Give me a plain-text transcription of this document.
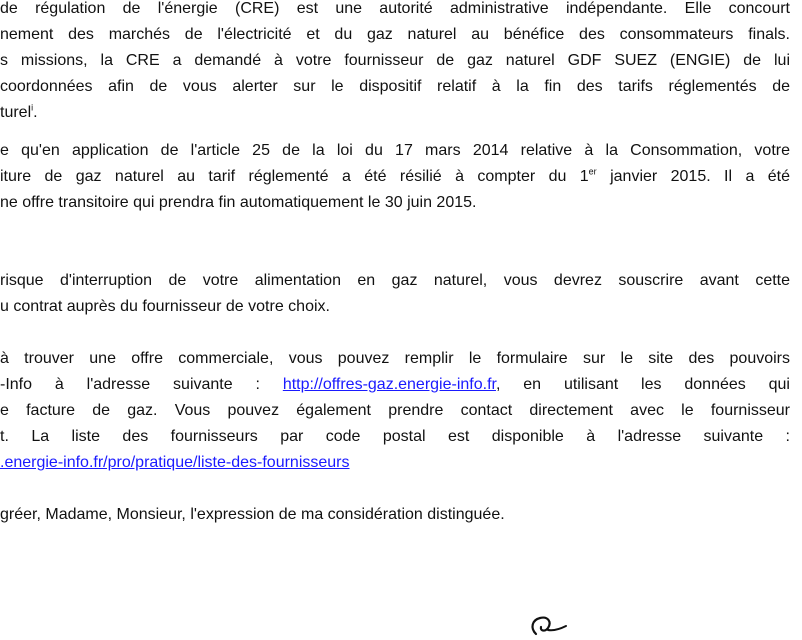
de régulation de l'énergie (CRE) est une autorité administrative indépendante. Elle concourt
nement des marchés de l'électricité et du gaz naturel au bénéfice des consommateurs finals.
s missions, la CRE a demandé à votre fournisseur de gaz naturel GDF SUEZ (ENGIE) de lui
coordonnées afin de vous alerter sur le dispositif relatif à la fin des tarifs réglementés de
turel$^i$.
e qu'en application de l'article 25 de la loi du 17 mars 2014 relative à la Consommation, votre
iture de gaz naturel au tarif réglementé a été résilié à compter du 1er janvier 2015. Il a été
ne offre transitoire qui prendra fin automatiquement le 30 juin 2015.
risque d'interruption de votre alimentation en gaz naturel, vous devrez souscrire avant cette
u contrat auprès du fournisseur de votre choix.
à trouver une offre commerciale, vous pouvez remplir le formulaire sur le site des pouvoirs
-Info à l'adresse suivante : http://offres-gaz.energie-info.fr, en utilisant les données qui
e facture de gaz. Vous pouvez également prendre contact directement avec le fournisseur
t. La liste des fournisseurs par code postal est disponible à l'adresse suivante :
.energie-info.fr/pro/pratique/liste-des-fournisseurs
gréer, Madame, Monsieur, l'expression de ma considération distinguée.
